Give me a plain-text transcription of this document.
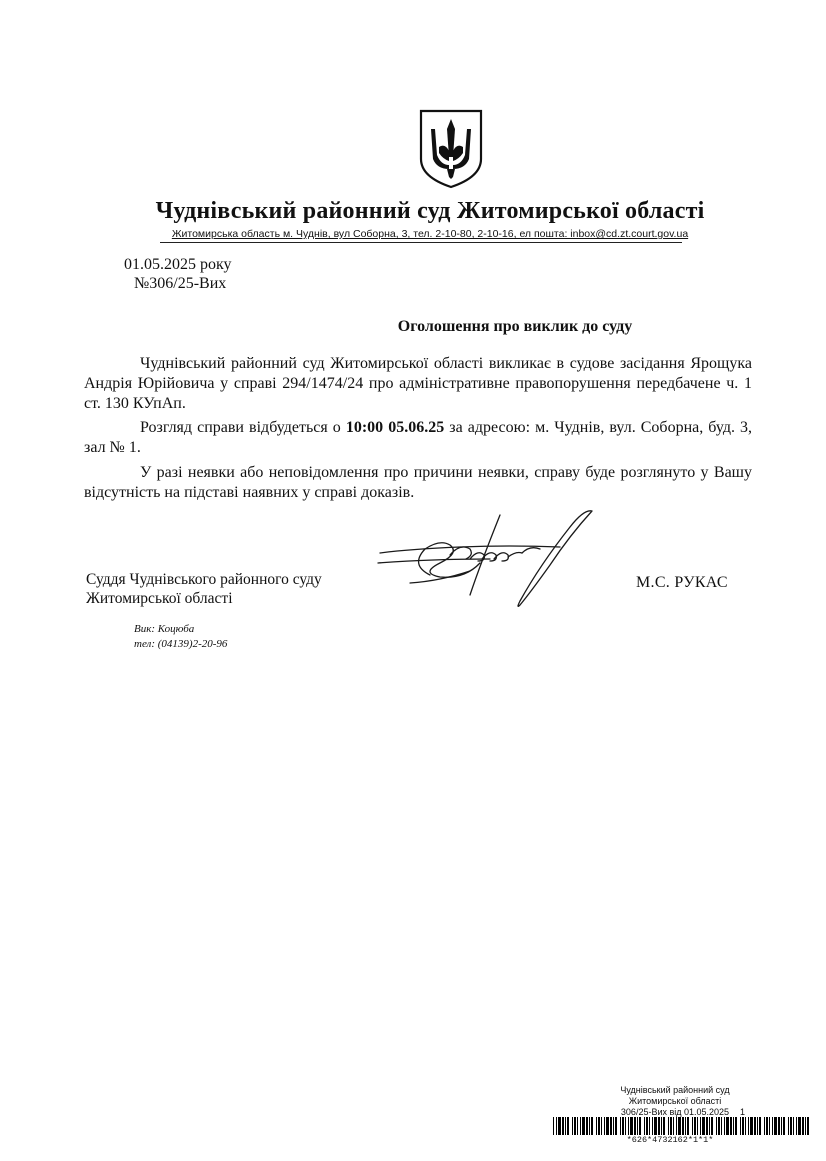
Чуднівський районний суд Житомирської області
Житомирська область м. Чуднів, вул Соборна, 3, тел. 2-10-80, 2-10-16, ел пошта: inbox@cd.zt.court.gov.ua
01.05.2025 року
№306/25-Вих
Оголошення про виклик до суду

Чуднівський районний суд Житомирської області викликає в судове засідання Ярощука Андрія Юрійовича у справі 294/1474/24 про адміністративне правопорушення передбачене ч. 1 ст. 130 КУпАп.

Розгляд справи відбудеться о 10:00 05.06.25 за адресою: м. Чуднів, вул. Соборна, буд. 3, зал № 1.

У разі неявки або неповідомлення про причини неявки, справу буде розглянуто у Вашу відсутність на підставі наявних у справі доказів.

Суддя Чуднівського районного суду
Житомирської області
М.С. РУКАС
Вик: Коцюба
тел: (04139)2-20-96
Чуднівський районний суд
Житомирської області
306/25-Вих від 01.05.2025	1
*626*4732162*1*1*
